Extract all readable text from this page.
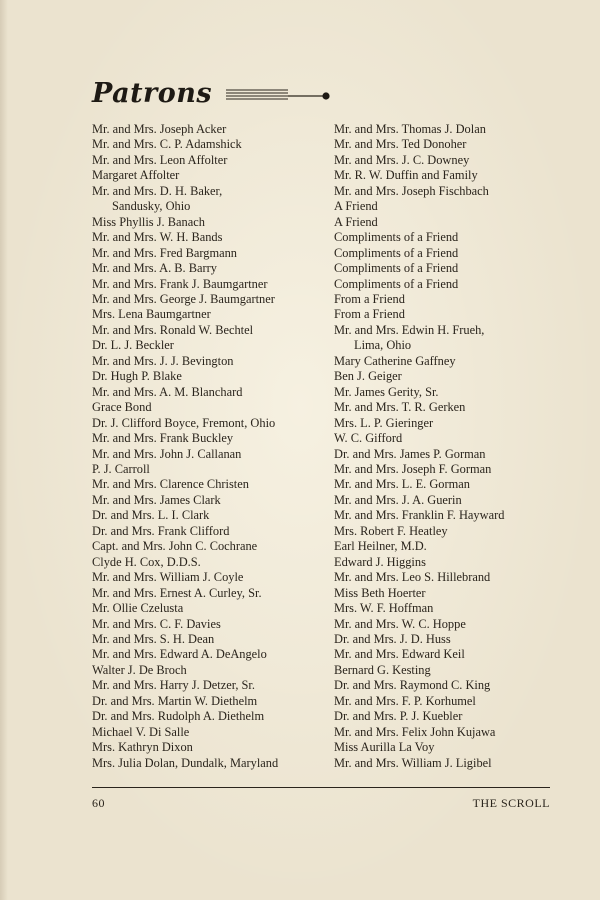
Patrons
Mr. and Mrs. Joseph Acker
Mr. and Mrs. C. P. Adamshick
Mr. and Mrs. Leon Affolter
Margaret Affolter
Mr. and Mrs. D. H. Baker,
Sandusky, Ohio
Miss Phyllis J. Banach
Mr. and Mrs. W. H. Bands
Mr. and Mrs. Fred Bargmann
Mr. and Mrs. A. B. Barry
Mr. and Mrs. Frank J. Baumgartner
Mr. and Mrs. George J. Baumgartner
Mrs. Lena Baumgartner
Mr. and Mrs. Ronald W. Bechtel
Dr. L. J. Beckler
Mr. and Mrs. J. J. Bevington
Dr. Hugh P. Blake
Mr. and Mrs. A. M. Blanchard
Grace Bond
Dr. J. Clifford Boyce, Fremont, Ohio
Mr. and Mrs. Frank Buckley
Mr. and Mrs. John J. Callanan
P. J. Carroll
Mr. and Mrs. Clarence Christen
Mr. and Mrs. James Clark
Dr. and Mrs. L. I. Clark
Dr. and Mrs. Frank Clifford
Capt. and Mrs. John C. Cochrane
Clyde H. Cox, D.D.S.
Mr. and Mrs. William J. Coyle
Mr. and Mrs. Ernest A. Curley, Sr.
Mr. Ollie Czelusta
Mr. and Mrs. C. F. Davies
Mr. and Mrs. S. H. Dean
Mr. and Mrs. Edward A. DeAngelo
Walter J. De Broch
Mr. and Mrs. Harry J. Detzer, Sr.
Dr. and Mrs. Martin W. Diethelm
Dr. and Mrs. Rudolph A. Diethelm
Michael V. Di Salle
Mrs. Kathryn Dixon
Mrs. Julia Dolan, Dundalk, Maryland
Mr. and Mrs. Thomas J. Dolan
Mr. and Mrs. Ted Donoher
Mr. and Mrs. J. C. Downey
Mr. R. W. Duffin and Family
Mr. and Mrs. Joseph Fischbach
A Friend
A Friend
Compliments of a Friend
Compliments of a Friend
Compliments of a Friend
Compliments of a Friend
From a Friend
From a Friend
Mr. and Mrs. Edwin H. Frueh,
Lima, Ohio
Mary Catherine Gaffney
Ben J. Geiger
Mr. James Gerity, Sr.
Mr. and Mrs. T. R. Gerken
Mrs. L. P. Gieringer
W. C. Gifford
Dr. and Mrs. James P. Gorman
Mr. and Mrs. Joseph F. Gorman
Mr. and Mrs. L. E. Gorman
Mr. and Mrs. J. A. Guerin
Mr. and Mrs. Franklin F. Hayward
Mrs. Robert F. Heatley
Earl Heilner, M.D.
Edward J. Higgins
Mr. and Mrs. Leo S. Hillebrand
Miss Beth Hoerter
Mrs. W. F. Hoffman
Mr. and Mrs. W. C. Hoppe
Dr. and Mrs. J. D. Huss
Mr. and Mrs. Edward Keil
Bernard G. Kesting
Dr. and Mrs. Raymond C. King
Mr. and Mrs. F. P. Korhumel
Dr. and Mrs. P. J. Kuebler
Mr. and Mrs. Felix John Kujawa
Miss Aurilla La Voy
Mr. and Mrs. William J. Ligibel
60	THE SCROLL
